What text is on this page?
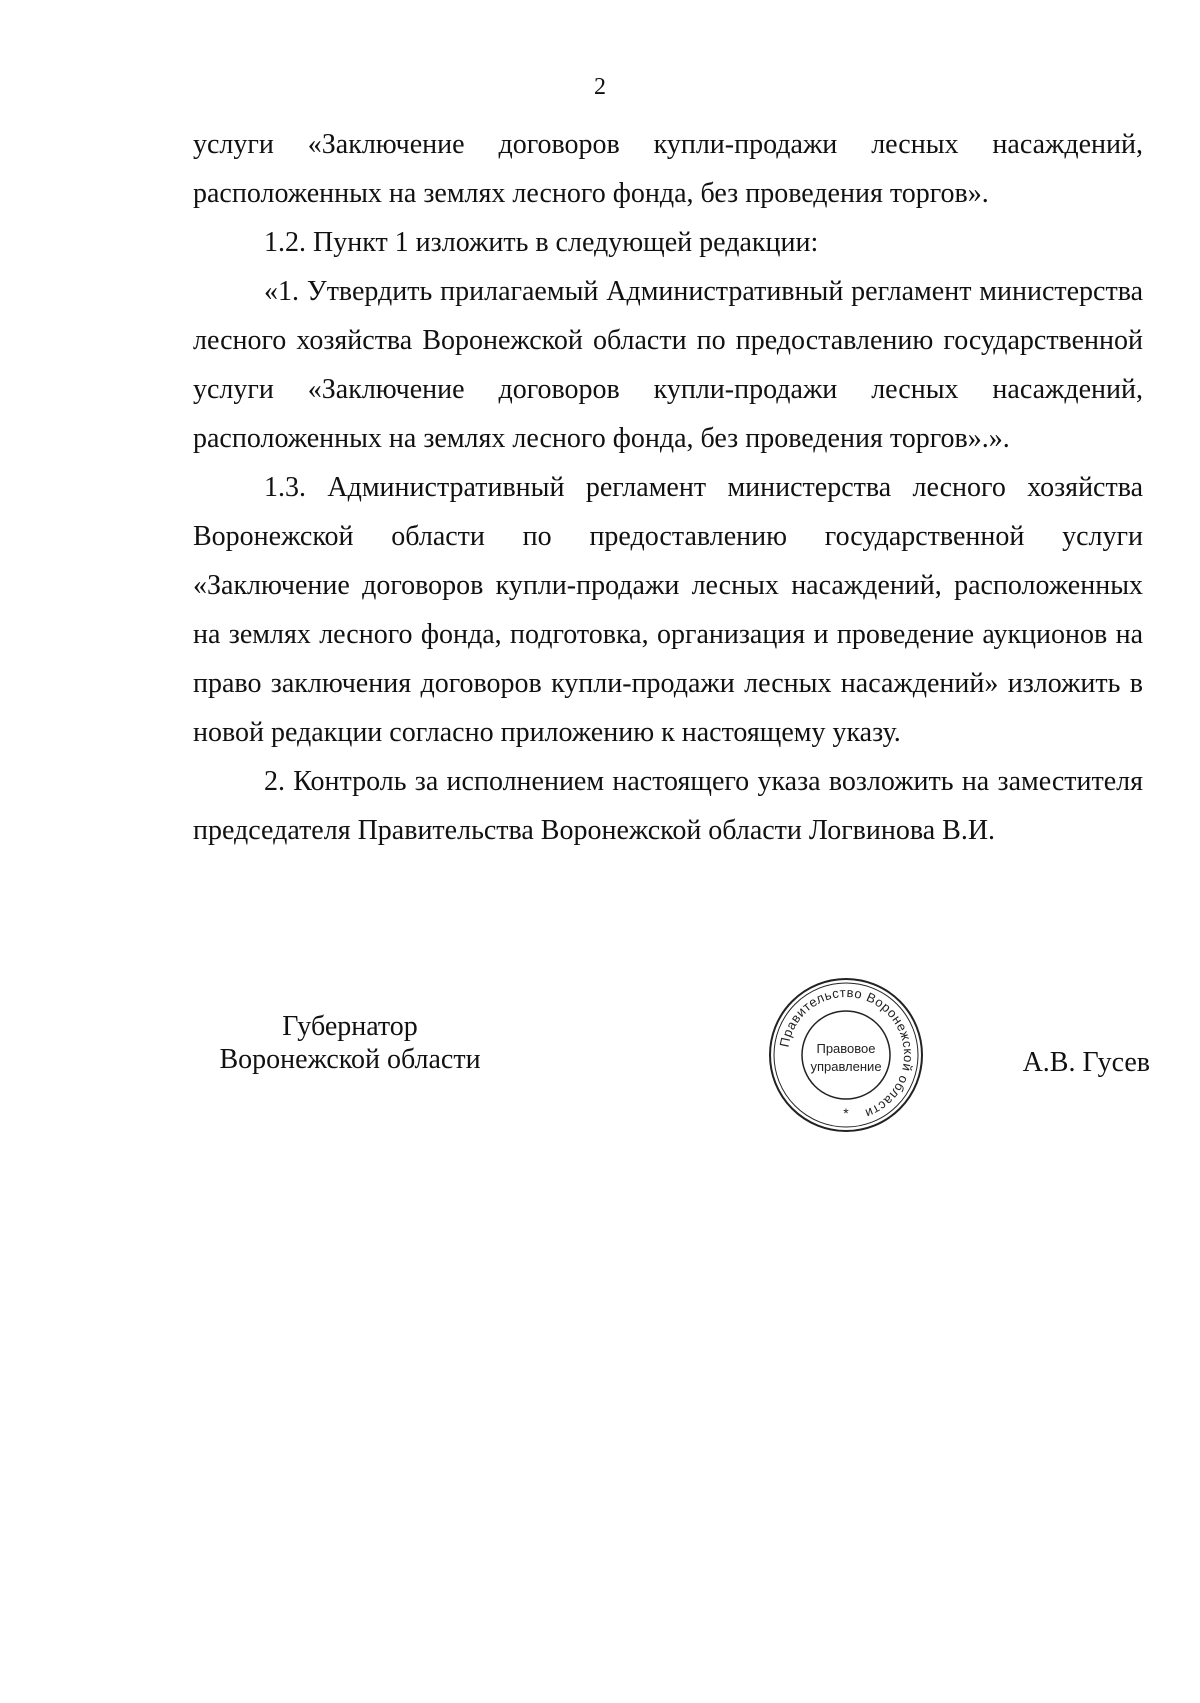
2

услуги «Заключение договоров купли-продажи лесных насаждений, расположенных на землях лесного фонда, без проведения торгов».

1.2. Пункт 1 изложить в следующей редакции:

«1. Утвердить прилагаемый Административный регламент министерства лесного хозяйства Воронежской области по предоставлению государственной услуги «Заключение договоров купли-продажи лесных насаждений, расположенных на землях лесного фонда, без проведения торгов».».

1.3. Административный регламент министерства лесного хозяйства Воронежской области по предоставлению государственной услуги «Заключение договоров купли-продажи лесных насаждений, расположенных на землях лесного фонда, подготовка, организация и проведение аукционов на право заключения договоров купли-продажи лесных насаждений» изложить в новой редакции согласно приложению к настоящему указу.

2. Контроль за исполнением настоящего указа возложить на заместителя председателя Правительства Воронежской области Логвинова В.И.

Губернатор
Воронежской области
Правительство Воронежской области
Правовое
управление
*
А.В. Гусев
